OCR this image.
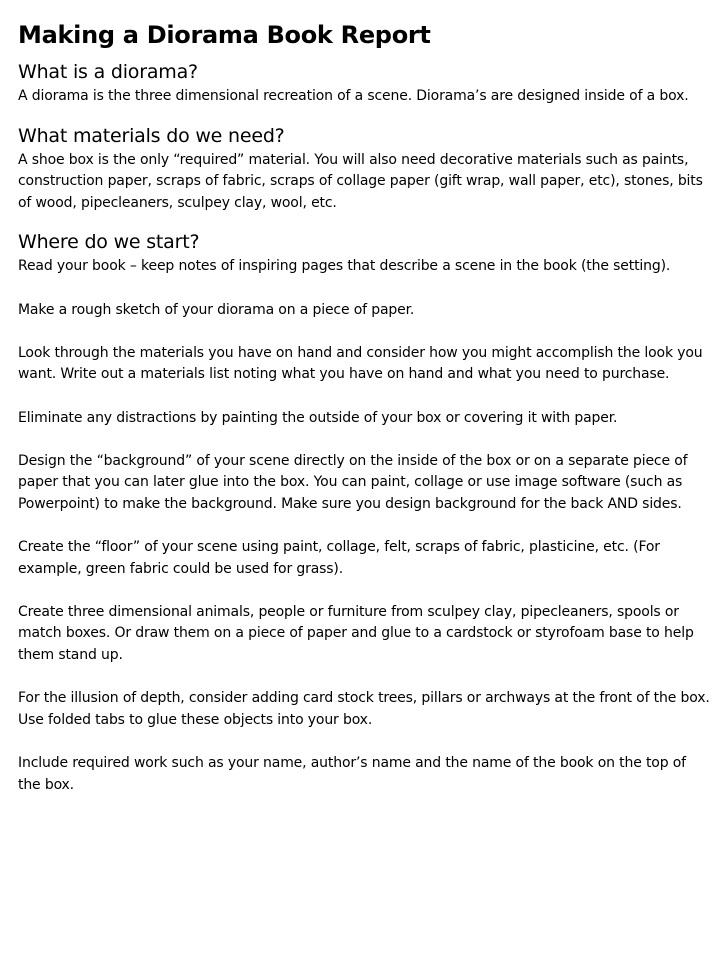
Making a Diorama Book Report
What is a diorama?

A diorama is the three dimensional recreation of a scene. Diorama’s are designed inside of a box.

What materials do we need?

A shoe box is the only “required” material. You will also need decorative materials such as paints, construction paper, scraps of fabric, scraps of collage paper (gift wrap, wall paper, etc), stones, bits of wood, pipecleaners, sculpey clay, wool, etc.

Where do we start?

Read your book – keep notes of inspiring pages that describe a scene in the book (the setting).

Make a rough sketch of your diorama on a piece of paper.

Look through the materials you have on hand and consider how you might accomplish the look you want. Write out a materials list noting what you have on hand and what you need to purchase.

Eliminate any distractions by painting the outside of your box or covering it with paper.

Design the “background” of your scene directly on the inside of the box or on a separate piece of paper that you can later glue into the box. You can paint, collage or use image software (such as Powerpoint) to make the background. Make sure you design background for the back AND sides.

Create the “floor” of your scene using paint, collage, felt, scraps of fabric, plasticine, etc. (For example, green fabric could be used for grass).

Create three dimensional animals, people or furniture from sculpey clay, pipecleaners, spools or match boxes. Or draw them on a piece of paper and glue to a cardstock or styrofoam base to help them stand up.

For the illusion of depth, consider adding card stock trees, pillars or archways at the front of the box. Use folded tabs to glue these objects into your box.

Include required work such as your name, author’s name and the name of the book on the top of the box.
